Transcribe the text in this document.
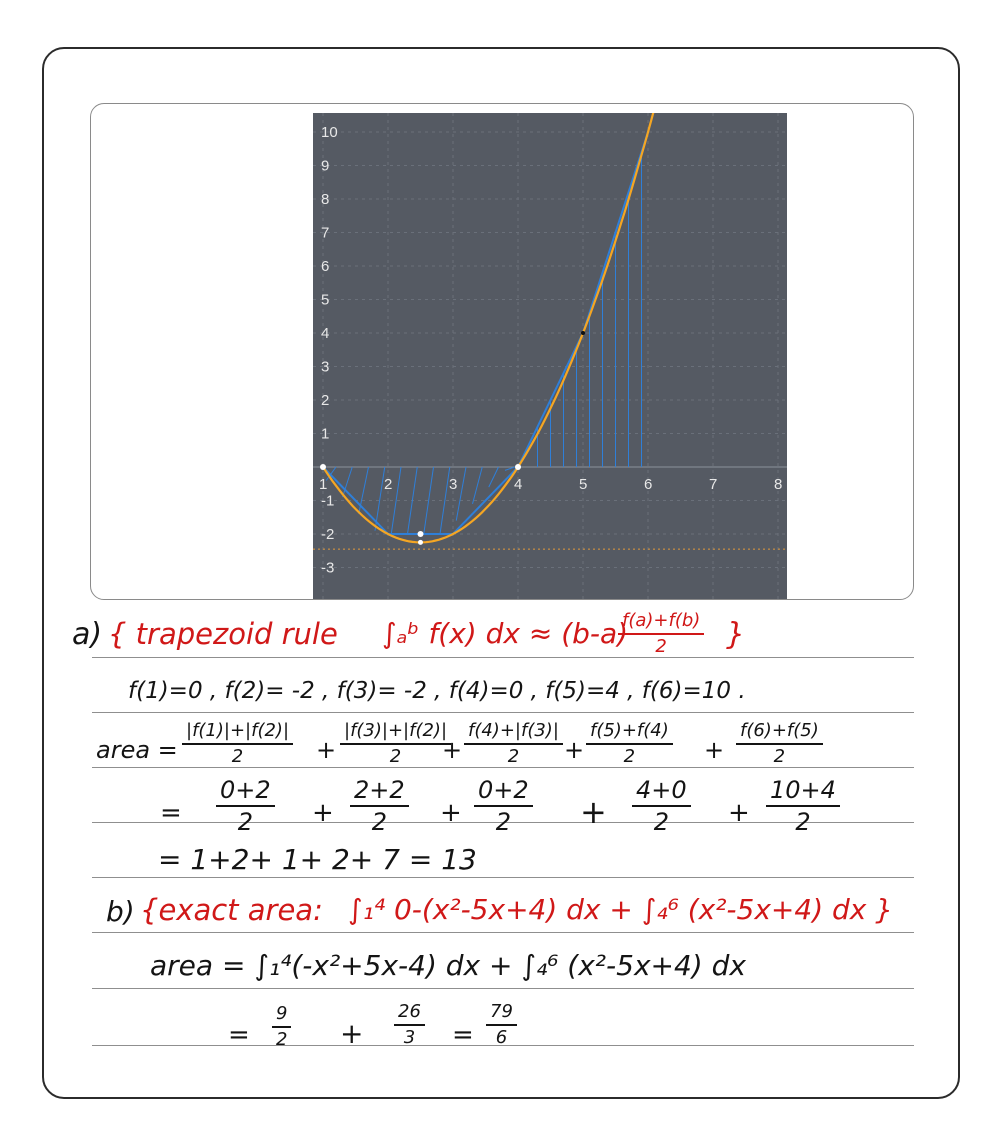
1	2	3	4	5	6	7	8
10
9
8
7
6
5
4
3
2
1
-1
-2
-3
a) { trapezoid rule ∫ₐᵇ f(x) dx ≈ (b-a)
$\frac{f(a)+f(b)}{2}$ }
f(1)=0 , f(2)= -2 , f(3)= -2 , f(4)=0 , f(5)=4 , f(6)=10 .
area = $\frac{|f(1)|+|f(2)|}{2} + \frac{|f(3)|+|f(2)|}{2}$
+ $\frac{f(4)+|f(3)|}{2} + \frac{f(5)+f(4)}{2} + \frac{f(6)+f(5)}{2}$
= $\frac{0+2}{2} + \frac{2+2}{2} + \frac{0+2}{2} + \frac{4+0}{2} + \frac{10+4}{2}$
= 1+2+ 1+ 2+ 7 = 13
b) {exact area: ∫₁⁴ 0-(x²-5x+4) dx + ∫₄⁶ (x²-5x+4) dx }
area = ∫₁⁴(-x²+5x-4) dx + ∫₄⁶ (x²-5x+4) dx
= $\frac{9}{2} + \frac{26}{3} = \frac{79}{6}$
